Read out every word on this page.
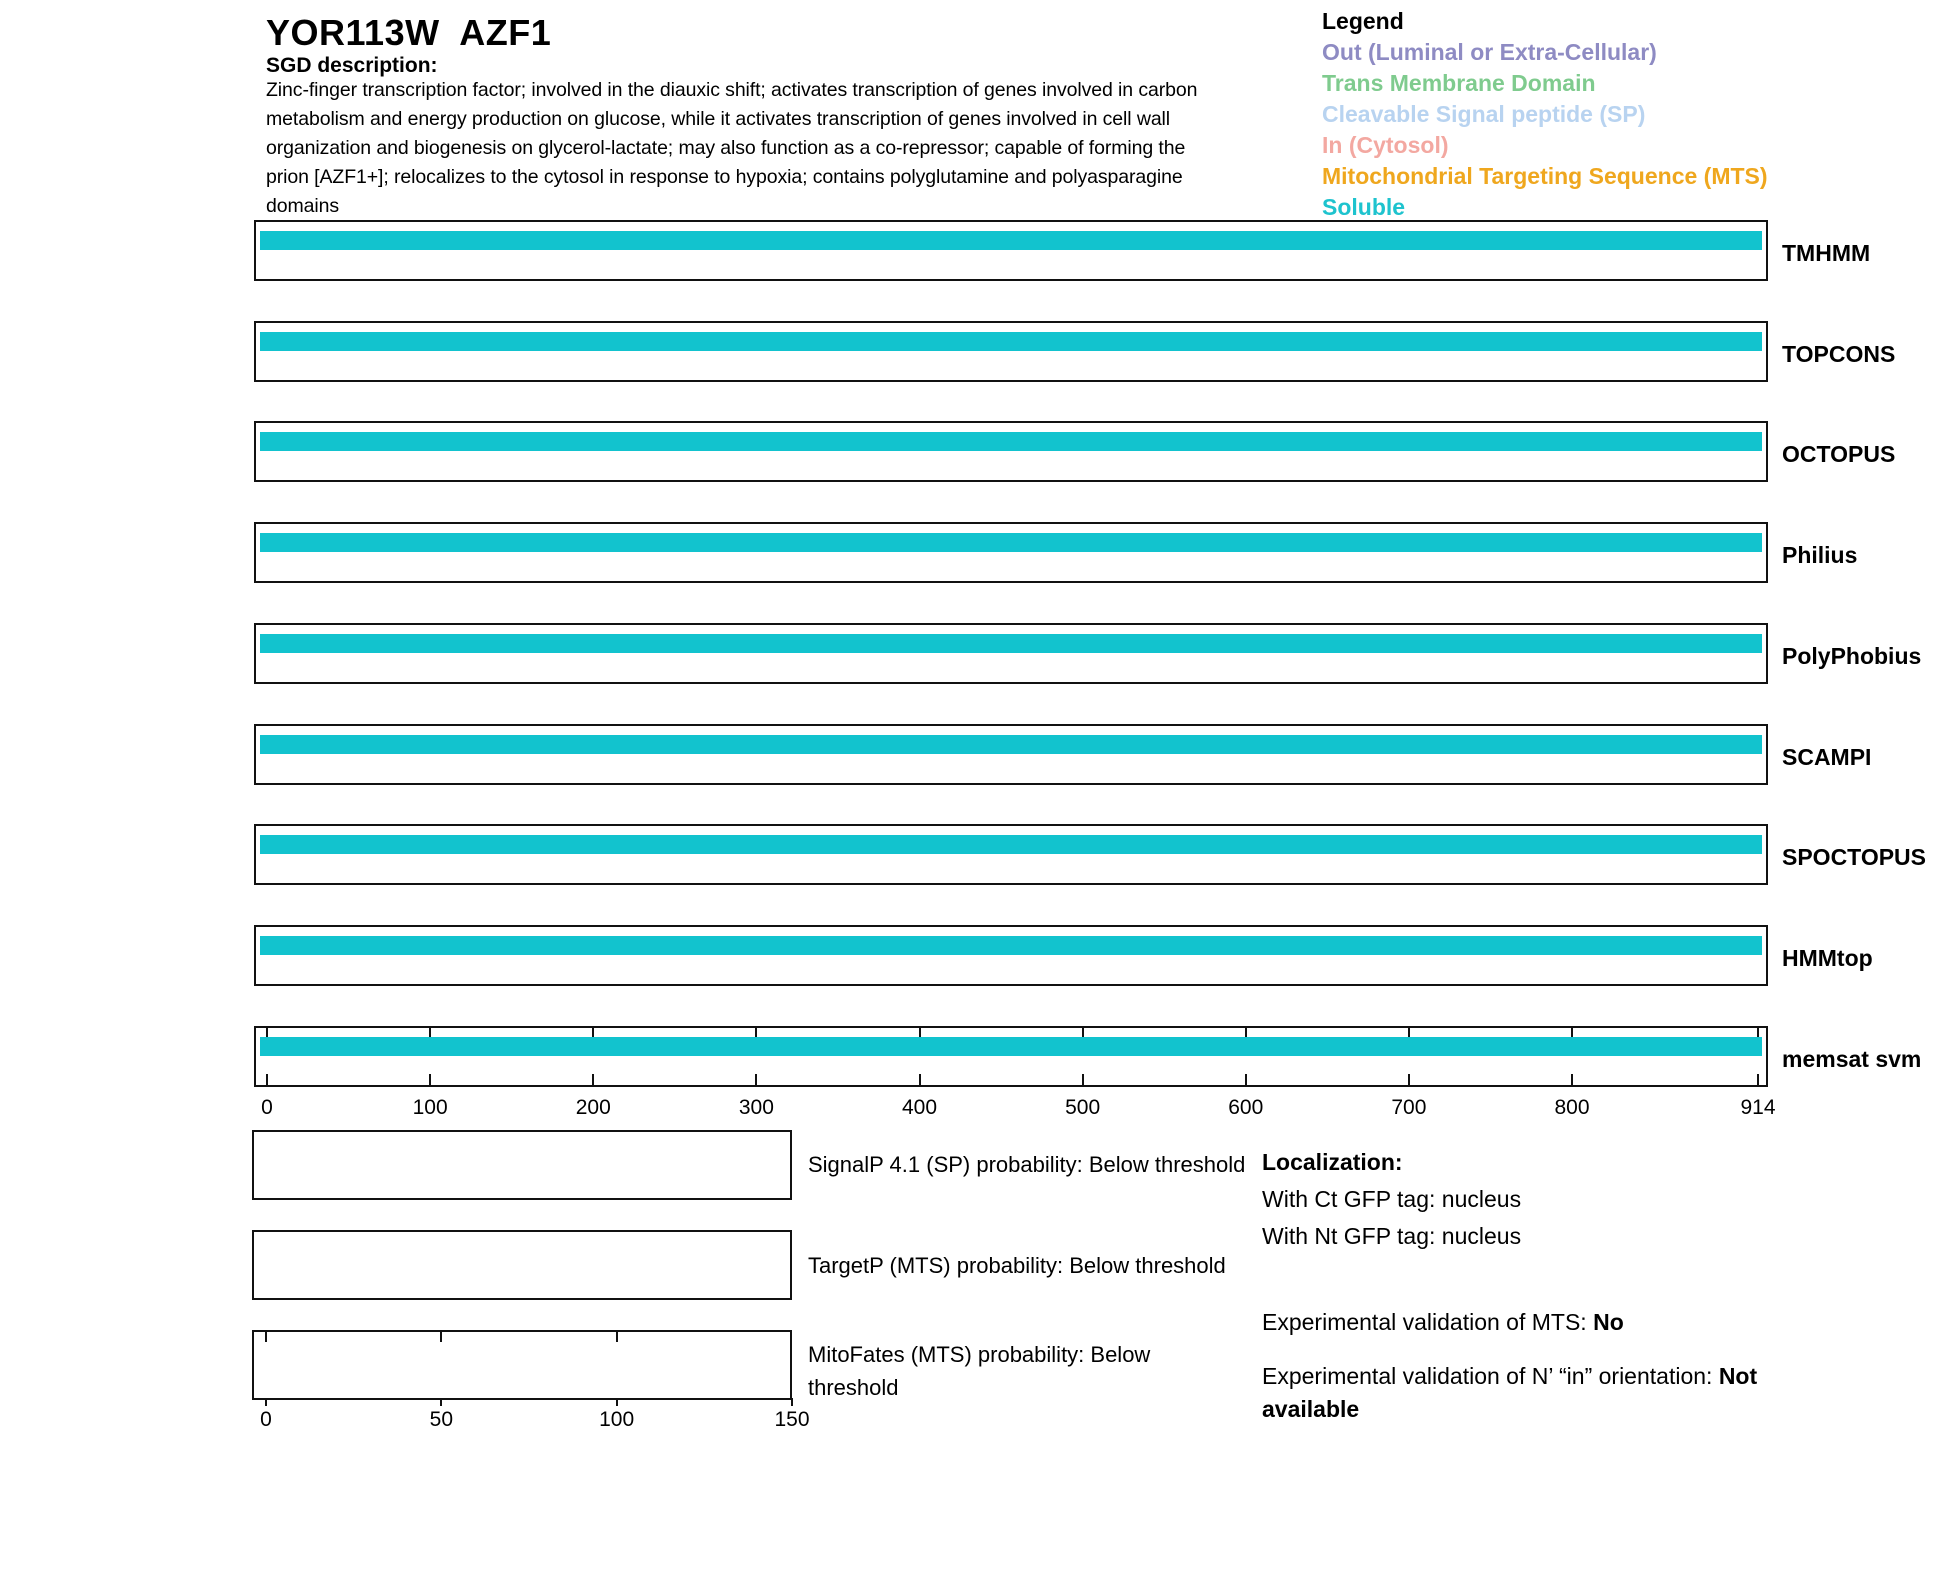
YOR113W  AZF1
SGD description:
Zinc-finger transcription factor; involved in the diauxic shift; activates transcription of genes involved in carbon
metabolism and energy production on glucose, while it activates transcription of genes involved in cell wall
organization and biogenesis on glycerol-lactate; may also function as a co-repressor; capable of forming the
prion [AZF1+]; relocalizes to the cytosol in response to hypoxia; contains polyglutamine and polyasparagine
domains
Legend
Out (Luminal or Extra-Cellular)
Trans Membrane Domain
Cleavable Signal peptide (SP)
In (Cytosol)
Mitochondrial Targeting Sequence (MTS)
Soluble
TMHMM
TOPCONS
OCTOPUS
Philius
PolyPhobius
SCAMPI
SPOCTOPUS
HMMtop
memsat svm
0	100	200	300	400	500	600	700	800	914
0	50	100	150
SignalP 4.1 (SP) probability: Below threshold
TargetP (MTS) probability: Below threshold
MitoFates (MTS) probability: Below
threshold
Localization:
With Ct GFP tag: nucleus
With Nt GFP tag: nucleus
Experimental validation of MTS: No
Experimental validation of N’ “in” orientation: Not available
